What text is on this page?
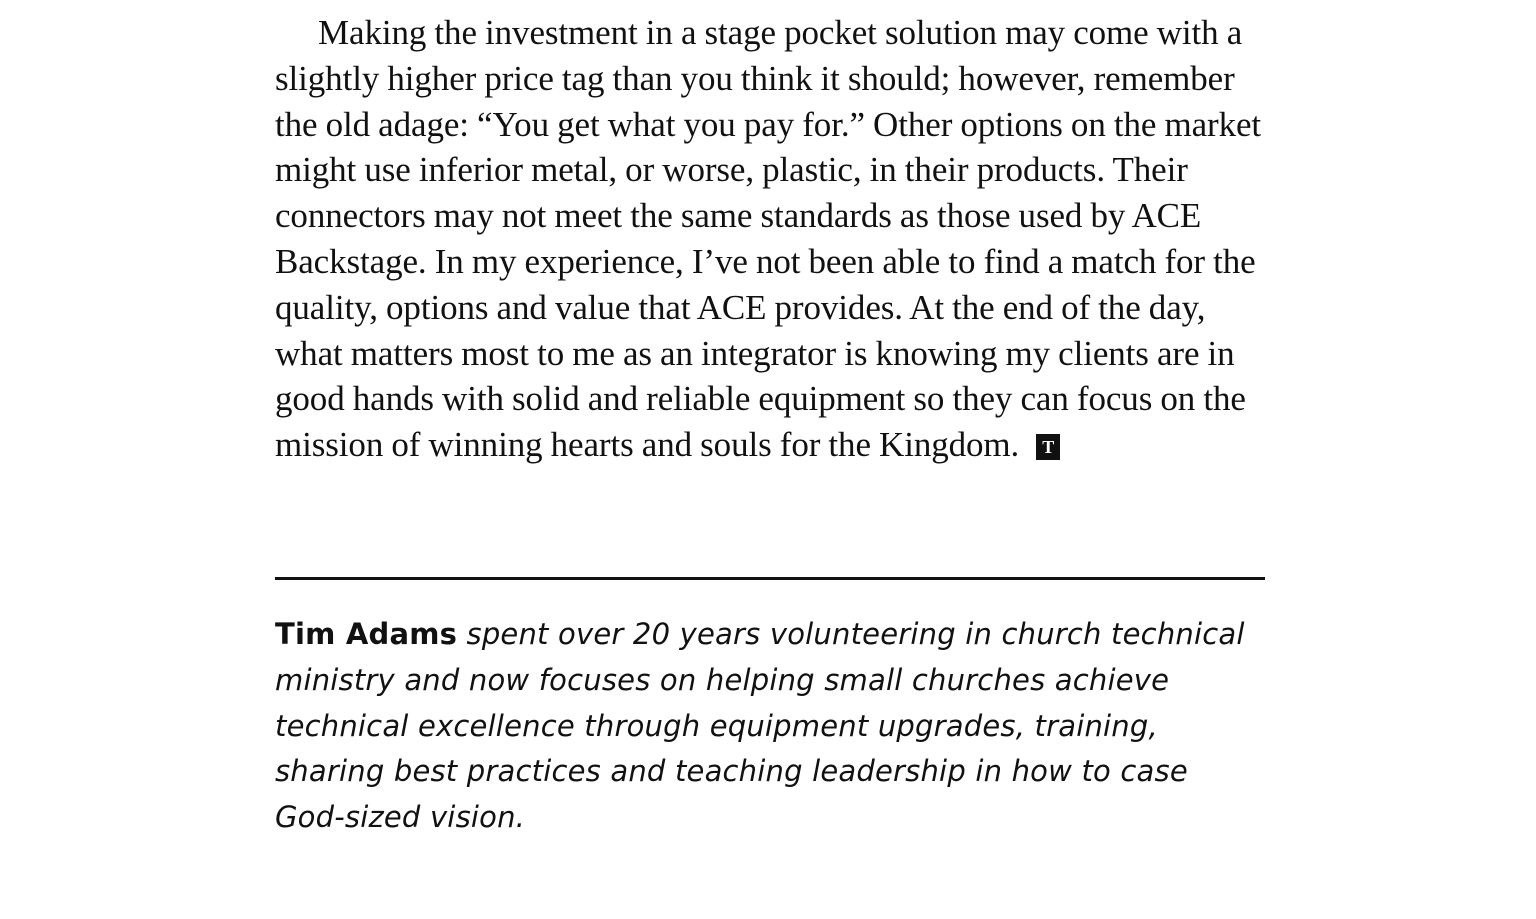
Making the investment in a stage pocket solution may come with a slightly higher price tag than you think it should; however, remember the old adage: “You get what you pay for.” Other options on the market might use inferior metal, or worse, plastic, in their products. Their connectors may not meet the same standards as those used by ACE Backstage. In my experience, I’ve not been able to find a match for the quality, options and value that ACE provides. At the end of the day, what matters most to me as an integrator is knowing my clients are in good hands with solid and reliable equipment so they can focus on the mission of winning hearts and souls for the Kingdom. T

Tim Adams spent over 20 years volunteering in church technical ministry and now focuses on helping small churches achieve technical excellence through equipment upgrades, training, sharing best practices and teaching leadership in how to case God-sized vision.
